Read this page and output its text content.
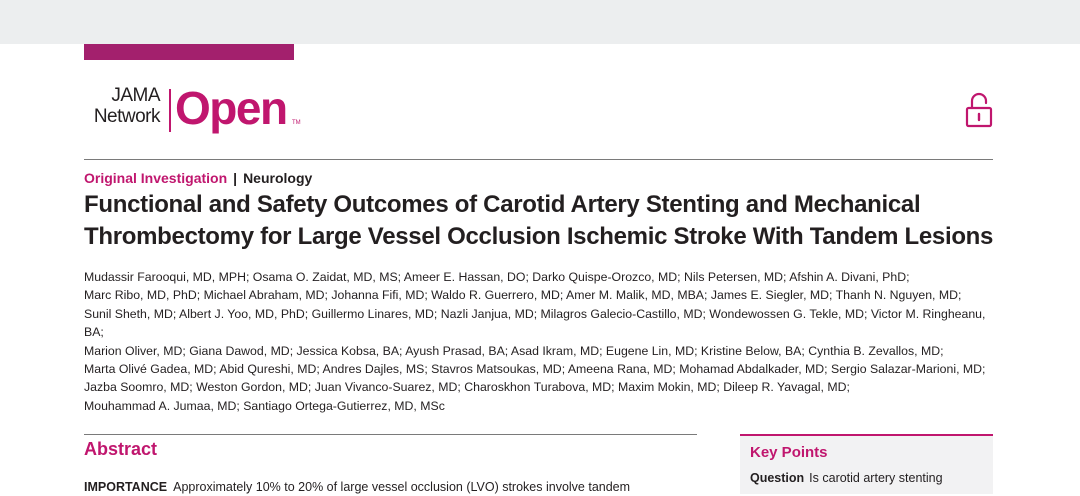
JAMA
Network Open TM
Original Investigation | Neurology
Functional and Safety Outcomes of Carotid Artery Stenting and Mechanical Thrombectomy for Large Vessel Occlusion Ischemic Stroke With Tandem Lesions

Mudassir Farooqui, MD, MPH; Osama O. Zaidat, MD, MS; Ameer E. Hassan, DO; Darko Quispe-Orozco, MD; Nils Petersen, MD; Afshin A. Divani, PhD;
Marc Ribo, MD, PhD; Michael Abraham, MD; Johanna Fifi, MD; Waldo R. Guerrero, MD; Amer M. Malik, MD, MBA; James E. Siegler, MD; Thanh N. Nguyen, MD;
Sunil Sheth, MD; Albert J. Yoo, MD, PhD; Guillermo Linares, MD; Nazli Janjua, MD; Milagros Galecio-Castillo, MD; Wondewossen G. Tekle, MD; Victor M. Ringheanu, BA;
Marion Oliver, MD; Giana Dawod, MD; Jessica Kobsa, BA; Ayush Prasad, BA; Asad Ikram, MD; Eugene Lin, MD; Kristine Below, BA; Cynthia B. Zevallos, MD;
Marta Olivé Gadea, MD; Abid Qureshi, MD; Andres Dajles, MS; Stavros Matsoukas, MD; Ameena Rana, MD; Mohamad Abdalkader, MD; Sergio Salazar-Marioni, MD;
Jazba Soomro, MD; Weston Gordon, MD; Juan Vivanco-Suarez, MD; Charoskhon Turabova, MD; Maxim Mokin, MD; Dileep R. Yavagal, MD;
Mouhammad A. Jumaa, MD; Santiago Ortega-Gutierrez, MD, MSc

Abstract

IMPORTANCE Approximately 10% to 20% of large vessel occlusion (LVO) strokes involve tandem

Key Points
Question Is carotid artery stenting
